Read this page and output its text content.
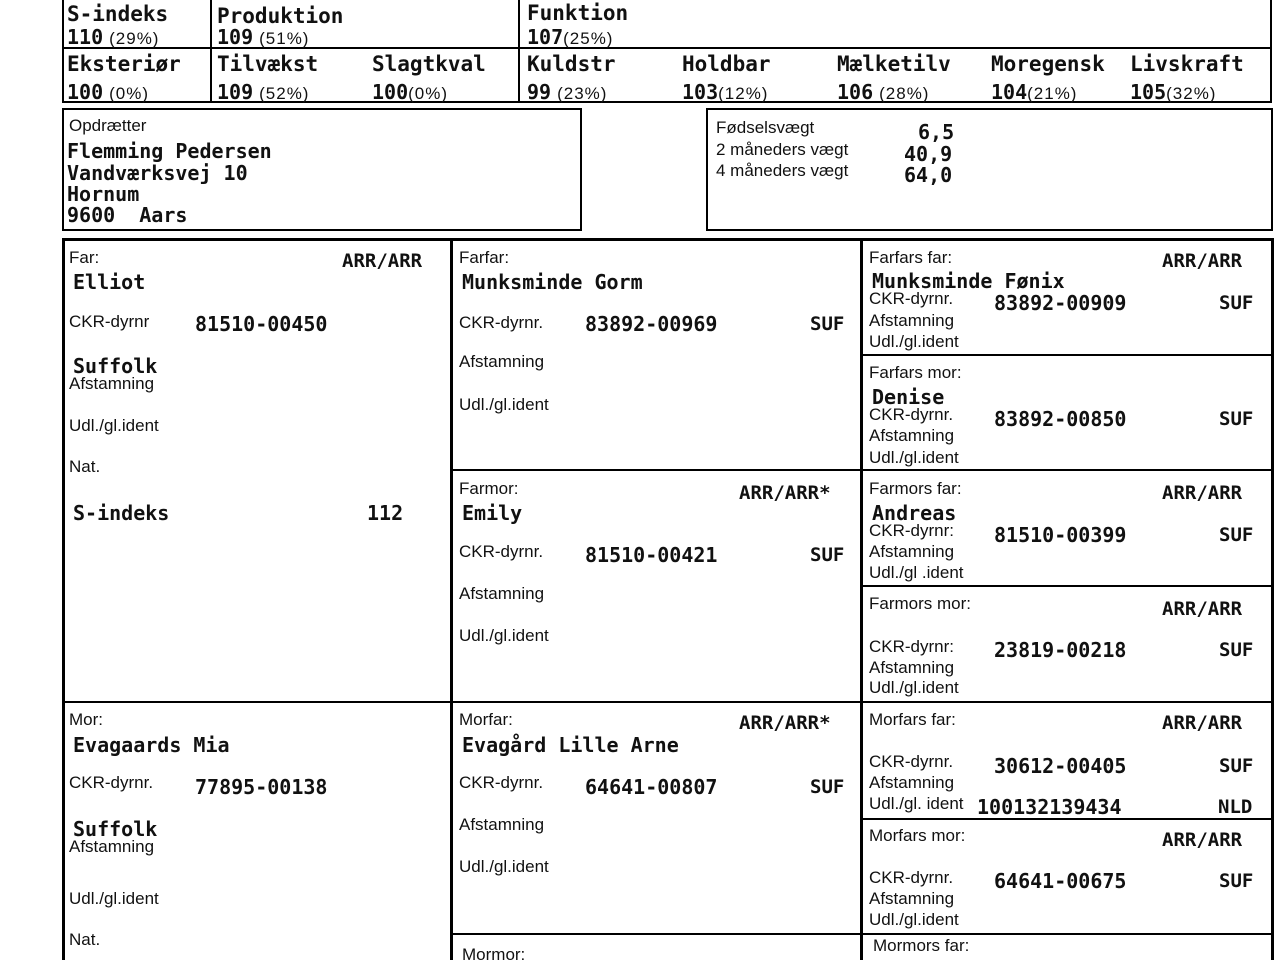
S-indeks
110 (29%)
Produktion
109 (51%)
Funktion
107(25%)
Eksteriør
100 (0%)
Tilvækst
109 (52%)
Slagtkval
100(0%)
Kuldstr
99 (23%)
Holdbar
103(12%)
Mælketilv
106 (28%)
Moregensk
104(21%)
Livskraft
105(32%)
Opdrætter
Flemming Pedersen
Vandværksvej 10
Hornum
9600  Aars
Fødselsvægt	6,5
2 måneders vægt	40,9
4 måneders vægt	64,0
Far:	ARR/ARR
Elliot
CKR-dyrnr 81510-00450
Suffolk
Afstamning
Udl./gl.ident
Nat.
S-indeks	112
Mor:
Evagaards Mia
CKR-dyrnr. 77895-00138
Suffolk
Afstamning
Udl./gl.ident
Nat.
Farfar:
Munksminde Gorm
CKR-dyrnr. 83892-00969	SUF
Afstamning
Udl./gl.ident
Farmor:	ARR/ARR*
Emily
CKR-dyrnr. 81510-00421	SUF
Afstamning
Udl./gl.ident
Morfar:	ARR/ARR*
Evagård Lille Arne
CKR-dyrnr. 64641-00807	SUF
Afstamning
Udl./gl.ident
Mormor:
Farfars far:	ARR/ARR
Munksminde Fønix
CKR-dyrnr. 83892-00909	SUF
Afstamning
Udl./gl.ident
Farfars mor:
Denise
CKR-dyrnr. 83892-00850	SUF
Afstamning
Udl./gl.ident
Farmors far:	ARR/ARR
Andreas
CKR-dyrnr: 81510-00399	SUF
Afstamning
Udl./gl .ident
Farmors mor:	ARR/ARR
CKR-dyrnr: 23819-00218	SUF
Afstamning
Udl./gl.ident
Morfars far:	ARR/ARR
CKR-dyrnr. 30612-00405	SUF
Afstamning
Udl./gl. ident 100132139434	NLD
Morfars mor:	ARR/ARR
CKR-dyrnr. 64641-00675	SUF
Afstamning
Udl./gl.ident
Mormors far:
